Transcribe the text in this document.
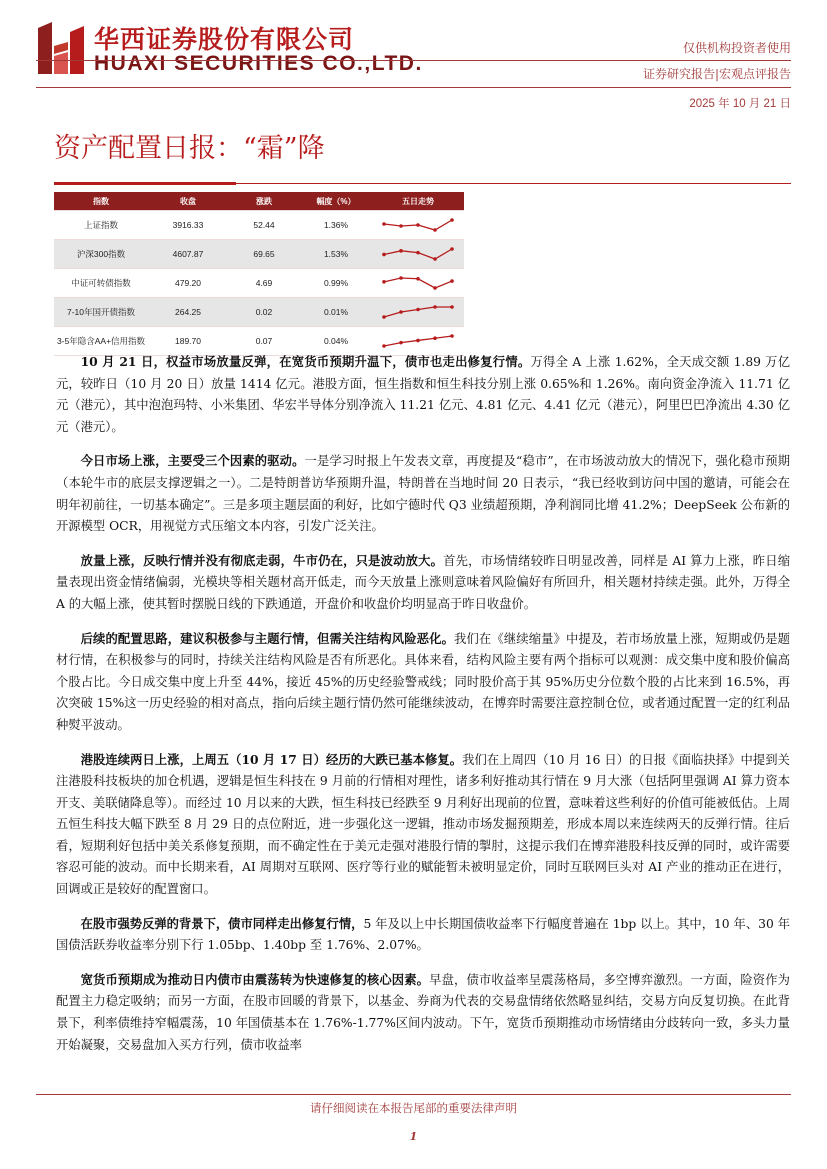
华西证券股份有限公司
HUAXI SECURITIES CO.,LTD.
仅供机构投资者使用
证券研究报告|宏观点评报告
2025 年 10 月 21 日
资产配置日报：“霜”降
指数	收盘	涨跌	幅度（%）	五日走势
上证指数	3916.33	52.44	1.36%	

沪深300指数	4607.87	69.65	1.53%	

中证可转债指数	479.20	4.69	0.99%	

7-10年国开债指数	264.25	0.02	0.01%	

3-5年隐含AA+信用指数	189.70	0.07	0.04%	

10 月 21 日，权益市场放量反弹，在宽货币预期升温下，债市也走出修复行情。万得全 A 上涨 1.62%，全天成交额 1.89 万亿元，较昨日（10 月 20 日）放量 1414 亿元。港股方面，恒生指数和恒生科技分别上涨 0.65%和 1.26%。南向资金净流入 11.71 亿元（港元），其中泡泡玛特、小米集团、华宏半导体分别净流入 11.21 亿元、4.81 亿元、4.41 亿元（港元），阿里巴巴净流出 4.30 亿元（港元）。

今日市场上涨，主要受三个因素的驱动。一是学习时报上午发表文章，再度提及“稳市”，在市场波动放大的情况下，强化稳市预期（本轮牛市的底层支撑逻辑之一）。二是特朗普访华预期升温，特朗普在当地时间 20 日表示，“我已经收到访问中国的邀请，可能会在明年初前往，一切基本确定”。三是多项主题层面的利好，比如宁德时代 Q3 业绩超预期，净利润同比增 41.2%；DeepSeek 公布新的开源模型 OCR，用视觉方式压缩文本内容，引发广泛关注。

放量上涨，反映行情并没有彻底走弱，牛市仍在，只是波动放大。首先，市场情绪较昨日明显改善，同样是 AI 算力上涨，昨日缩量表现出资金情绪偏弱，光模块等相关题材高开低走，而今天放量上涨则意味着风险偏好有所回升，相关题材持续走强。此外，万得全 A 的大幅上涨，使其暂时摆脱日线的下跌通道，开盘价和收盘价均明显高于昨日收盘价。

后续的配置思路，建议积极参与主题行情，但需关注结构风险恶化。我们在《继续缩量》中提及，若市场放量上涨，短期或仍是题材行情，在积极参与的同时，持续关注结构风险是否有所恶化。具体来看，结构风险主要有两个指标可以观测：成交集中度和股价偏高个股占比。今日成交集中度上升至 44%，接近 45%的历史经验警戒线；同时股价高于其 95%历史分位数个股的占比来到 16.5%，再次突破 15%这一历史经验的相对高点，指向后续主题行情仍然可能继续波动，在博弈时需要注意控制仓位，或者通过配置一定的红利品种熨平波动。

港股连续两日上涨，上周五（10 月 17 日）经历的大跌已基本修复。我们在上周四（10 月 16 日）的日报《面临抉择》中提到关注港股科技板块的加仓机遇，逻辑是恒生科技在 9 月前的行情相对理性，诸多利好推动其行情在 9 月大涨（包括阿里强调 AI 算力资本开支、美联储降息等）。而经过 10 月以来的大跌，恒生科技已经跌至 9 月利好出现前的位置，意味着这些利好的价值可能被低估。上周五恒生科技大幅下跌至 8 月 29 日的点位附近，进一步强化这一逻辑，推动市场发掘预期差，形成本周以来连续两天的反弹行情。往后看，短期利好包括中美关系修复预期，而不确定性在于美元走强对港股行情的掣肘，这提示我们在博弈港股科技反弹的同时，或许需要容忍可能的波动。而中长期来看，AI 周期对互联网、医疗等行业的赋能暂未被明显定价，同时互联网巨头对 AI 产业的推动正在进行，回调或正是较好的配置窗口。

在股市强势反弹的背景下，债市同样走出修复行情，5 年及以上中长期国债收益率下行幅度普遍在 1bp 以上。其中，10 年、30 年国债活跃券收益率分别下行 1.05bp、1.40bp 至 1.76%、2.07%。

宽货币预期成为推动日内债市由震荡转为快速修复的核心因素。早盘，债市收益率呈震荡格局，多空博弈激烈。一方面，险资作为配置主力稳定吸纳；而另一方面，在股市回暖的背景下，以基金、券商为代表的交易盘情绪依然略显纠结，交易方向反复切换。在此背景下，利率债维持窄幅震荡，10 年国债基本在 1.76%-1.77%区间内波动。下午，宽货币预期推动市场情绪由分歧转向一致，多头力量开始凝聚，交易盘加入买方行列，债市收益率

请仔细阅读在本报告尾部的重要法律声明
1
